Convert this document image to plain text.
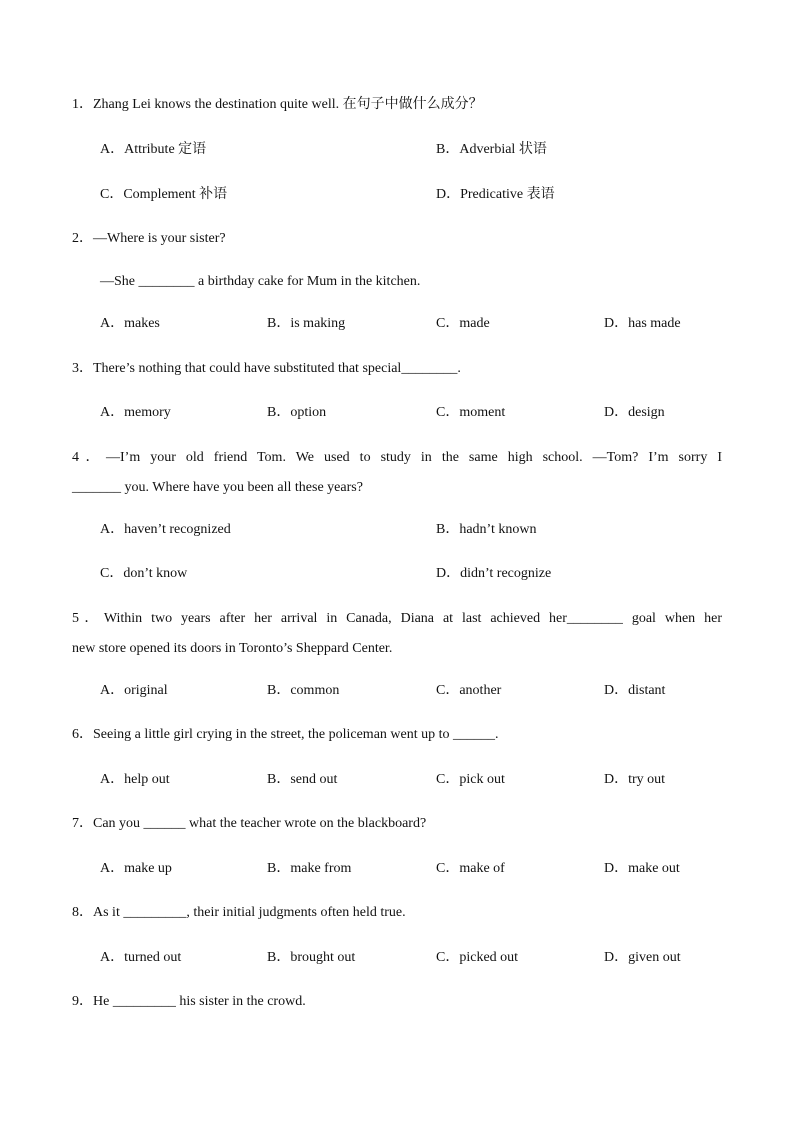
1．Zhang Lei knows the destination quite well. 在句子中做什么成分？
A．Attribute 定语	B．Adverbial 状语
C．Complement 补语	D．Predicative 表语
2．—Where is your sister?
—She ________ a birthday cake for Mum in the kitchen.
A．makes	B．is making	C．made	D．has made
3．There’s nothing that could have substituted that special________.
A．memory	B．option	C．moment	D．design
4．—I’m your old friend Tom. We used to study in the same high school. —Tom? I’m sorry I
_______ you. Where have you been all these years?
A．haven’t recognized	B．hadn’t known
C．don’t know	D．didn’t recognize
5．Within two years after her arrival in Canada, Diana at last achieved her________ goal when her
new store opened its doors in Toronto’s Sheppard Center.
A．original	B．common	C．another	D．distant
6．Seeing a little girl crying in the street, the policeman went up to ______.
A．help out	B．send out	C．pick out	D．try out
7．Can you ______ what the teacher wrote on the blackboard?
A．make up	B．make from	C．make of	D．make out
8．As it _________, their initial judgments often held true.
A．turned out	B．brought out	C．picked out	D．given out
9．He _________ his sister in the crowd.
